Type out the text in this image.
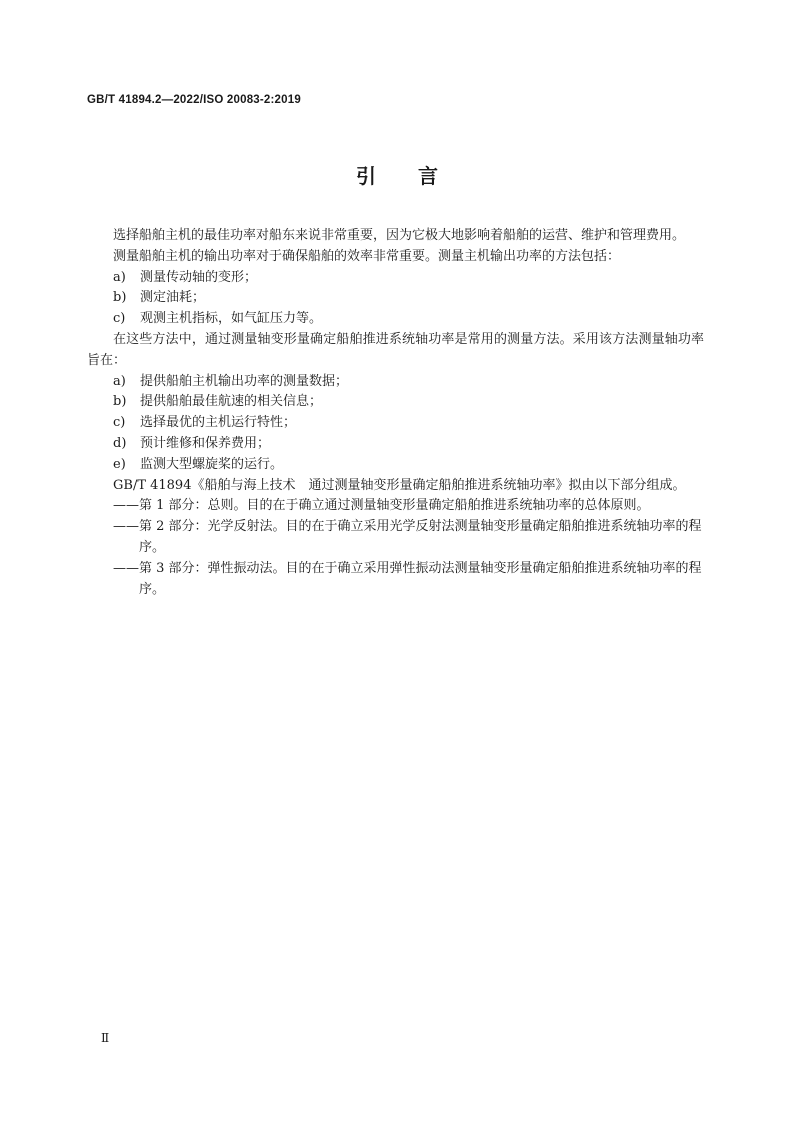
GB/T 41894.2—2022/ISO 20083-2:2019
引言

选择船舶主机的最佳功率对船东来说非常重要，因为它极大地影响着船舶的运营、维护和管理费用。

测量船舶主机的输出功率对于确保船舶的效率非常重要。测量主机输出功率的方法包括：

a) 测量传动轴的变形；

b) 测定油耗；

c) 观测主机指标，如气缸压力等。

在这些方法中，通过测量轴变形量确定船舶推进系统轴功率是常用的测量方法。采用该方法测量轴功率旨在：

a) 提供船舶主机输出功率的测量数据；

b) 提供船舶最佳航速的相关信息；

c) 选择最优的主机运行特性；

d) 预计维修和保养费用；

e) 监测大型螺旋桨的运行。

GB/T 41894《船舶与海上技术　通过测量轴变形量确定船舶推进系统轴功率》拟由以下部分组成。

——第 1 部分：总则。目的在于确立通过测量轴变形量确定船舶推进系统轴功率的总体原则。

——第 2 部分：光学反射法。目的在于确立采用光学反射法测量轴变形量确定船舶推进系统轴功率的程序。

——第 3 部分：弹性振动法。目的在于确立采用弹性振动法测量轴变形量确定船舶推进系统轴功率的程序。

Ⅱ
